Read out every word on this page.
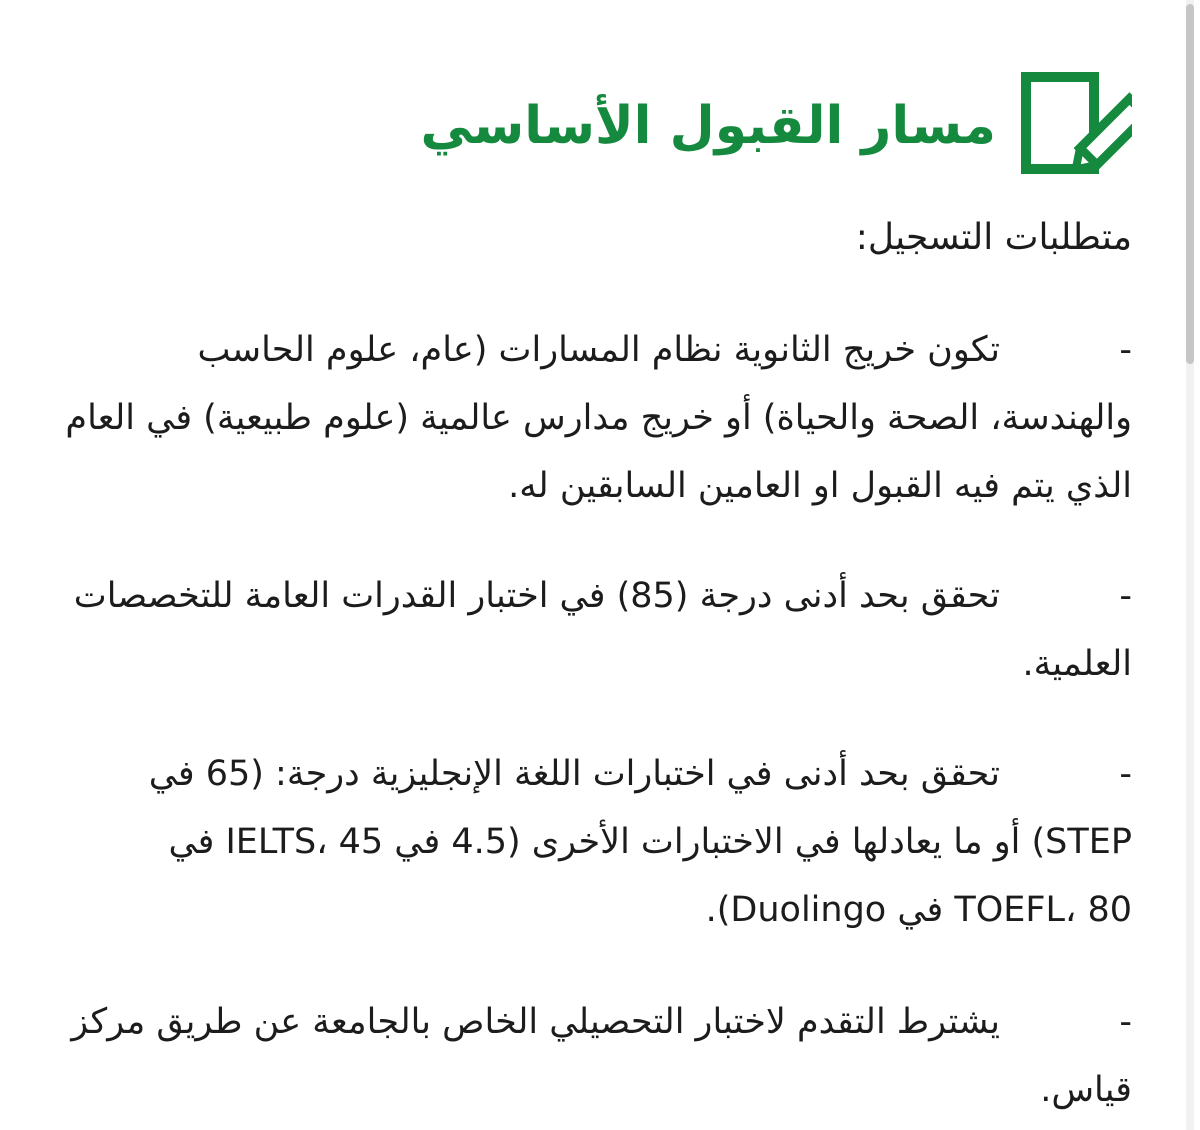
مسار القبول الأساسي
متطلبات التسجيل:
-تكون خريج الثانوية نظام المسارات (عام، علوم الحاسب والهندسة، الصحة والحياة) أو خريج مدارس عالمية (علوم طبيعية) في العام الذي يتم فيه القبول او العامين السابقين له.
-تحقق بحد أدنى درجة (85) في اختبار القدرات العامة للتخصصات العلمية.
-تحقق بحد أدنى في اختبارات اللغة الإنجليزية درجة: (65 في STEP) أو ما يعادلها في الاختبارات الأخرى (4.5 في IELTS، 45 في TOEFL، 80 في Duolingo).
-يشترط التقدم لاختبار التحصيلي الخاص بالجامعة عن طريق مركز قياس.
